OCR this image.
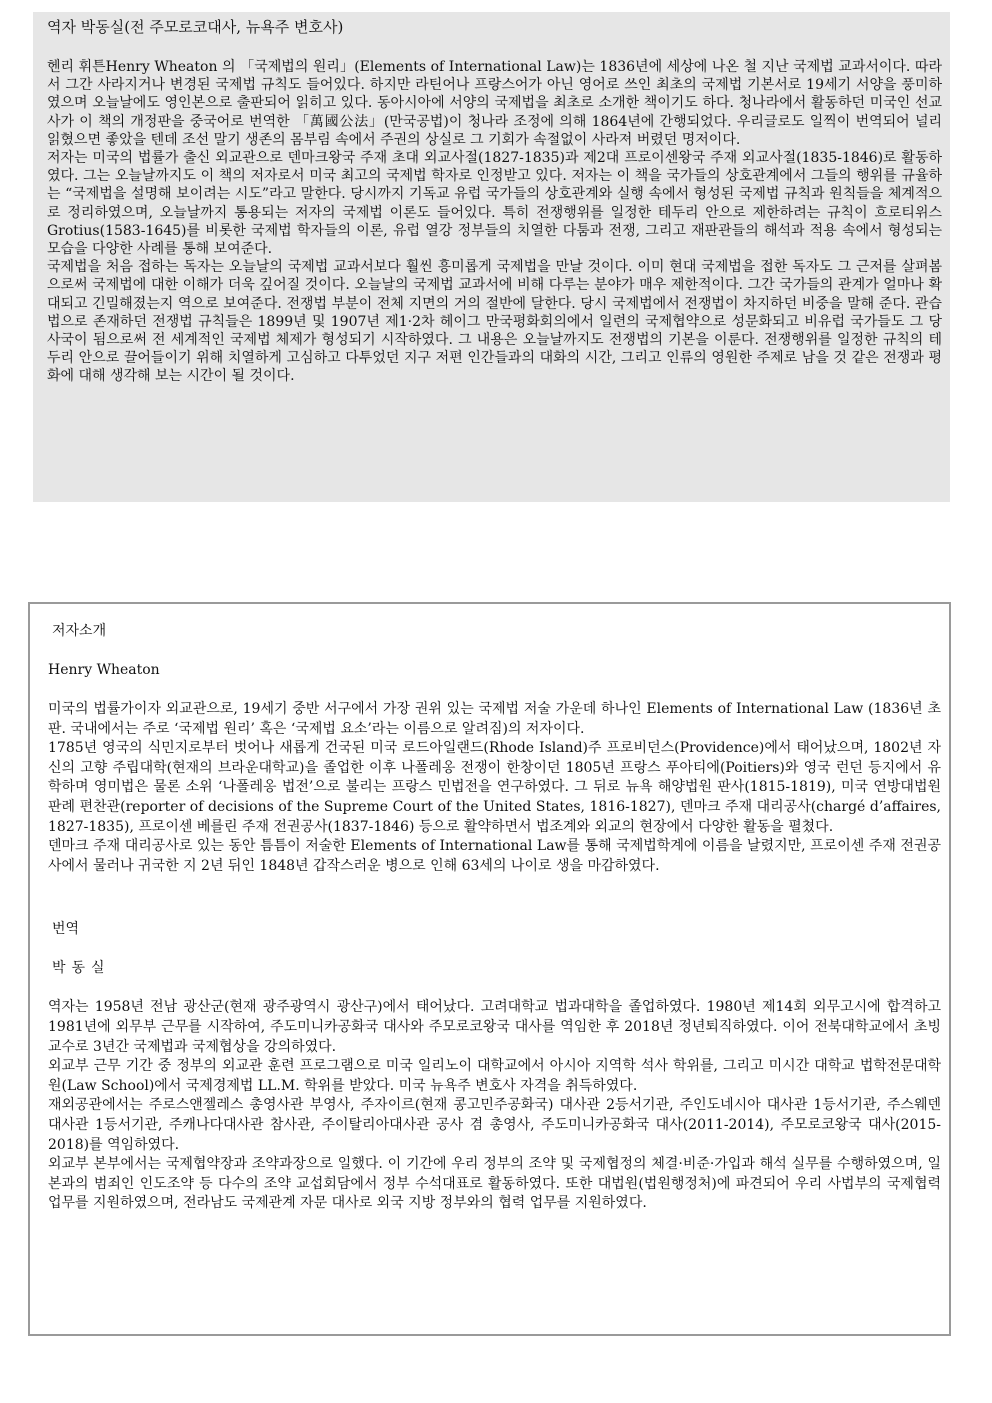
역자 박동실(전 주모로코대사, 뉴욕주 변호사)

헨리 휘튼Henry Wheaton 의 「국제법의 원리」(Elements of International Law)는 1836년에 세상에 나온 철 지난 국제법 교과서이다. 따라서 그간 사라지거나 변경된 국제법 규칙도 들어있다. 하지만 라틴어나 프랑스어가 아닌 영어로 쓰인 최초의 국제법 기본서로 19세기 서양을 풍미하였으며 오늘날에도 영인본으로 출판되어 읽히고 있다. 동아시아에 서양의 국제법을 최초로 소개한 책이기도 하다. 청나라에서 활동하던 미국인 선교사가 이 책의 개정판을 중국어로 번역한 「萬國公法」(만국공법)이 청나라 조정에 의해 1864년에 간행되었다. 우리글로도 일찍이 번역되어 널리 읽혔으면 좋았을 텐데 조선 말기 생존의 몸부림 속에서 주권의 상실로 그 기회가 속절없이 사라져 버렸던 명저이다.

저자는 미국의 법률가 출신 외교관으로 덴마크왕국 주재 초대 외교사절(1827-1835)과 제2대 프로이센왕국 주재 외교사절(1835-1846)로 활동하였다. 그는 오늘날까지도 이 책의 저자로서 미국 최고의 국제법 학자로 인정받고 있다. 저자는 이 책을 국가들의 상호관계에서 그들의 행위를 규율하는 “국제법을 설명해 보이려는 시도”라고 말한다. 당시까지 기독교 유럽 국가들의 상호관계와 실행 속에서 형성된 국제법 규칙과 원칙들을 체계적으로 정리하였으며, 오늘날까지 통용되는 저자의 국제법 이론도 들어있다. 특히 전쟁행위를 일정한 테두리 안으로 제한하려는 규칙이 흐로티위스 Grotius(1583-1645)를 비롯한 국제법 학자들의 이론, 유럽 열강 정부들의 치열한 다툼과 전쟁, 그리고 재판관들의 해석과 적용 속에서 형성되는 모습을 다양한 사례를 통해 보여준다.

국제법을 처음 접하는 독자는 오늘날의 국제법 교과서보다 훨씬 흥미롭게 국제법을 만날 것이다. 이미 현대 국제법을 접한 독자도 그 근저를 살펴봄으로써 국제법에 대한 이해가 더욱 깊어질 것이다. 오늘날의 국제법 교과서에 비해 다루는 분야가 매우 제한적이다. 그간 국가들의 관계가 얼마나 확대되고 긴밀해졌는지 역으로 보여준다. 전쟁법 부분이 전체 지면의 거의 절반에 달한다. 당시 국제법에서 전쟁법이 차지하던 비중을 말해 준다. 관습법으로 존재하던 전쟁법 규칙들은 1899년 및 1907년 제1·2차 헤이그 만국평화회의에서 일련의 국제협약으로 성문화되고 비유럽 국가들도 그 당사국이 됨으로써 전 세계적인 국제법 체제가 형성되기 시작하였다. 그 내용은 오늘날까지도 전쟁법의 기본을 이룬다. 전쟁행위를 일정한 규칙의 테두리 안으로 끌어들이기 위해 치열하게 고심하고 다투었던 지구 저편 인간들과의 대화의 시간, 그리고 인류의 영원한 주제로 남을 것 같은 전쟁과 평화에 대해 생각해 보는 시간이 될 것이다.

저자소개
Henry Wheaton

미국의 법률가이자 외교관으로, 19세기 중반 서구에서 가장 권위 있는 국제법 저술 가운데 하나인 Elements of International Law (1836년 초판. 국내에서는 주로 ‘국제법 원리’ 혹은 ‘국제법 요소’라는 이름으로 알려짐)의 저자이다.

1785년 영국의 식민지로부터 벗어나 새롭게 건국된 미국 로드아일랜드(Rhode Island)주 프로비던스(Providence)에서 태어났으며, 1802년 자신의 고향 주립대학(현재의 브라운대학교)을 졸업한 이후 나폴레옹 전쟁이 한창이던 1805년 프랑스 푸아티에(Poitiers)와 영국 런던 등지에서 유학하며 영미법은 물론 소위 ‘나폴레옹 법전’으로 불리는 프랑스 민법전을 연구하였다. 그 뒤로 뉴욕 해양법원 판사(1815-1819), 미국 연방대법원 판례 편찬관(reporter of decisions of the Supreme Court of the United States, 1816-1827), 덴마크 주재 대리공사(chargé d’affaires, 1827-1835), 프로이센 베를린 주재 전권공사(1837-1846) 등으로 활약하면서 법조계와 외교의 현장에서 다양한 활동을 펼쳤다.

덴마크 주재 대리공사로 있는 동안 틈틈이 저술한 Elements of International Law를 통해 국제법학계에 이름을 날렸지만, 프로이센 주재 전권공사에서 물러나 귀국한 지 2년 뒤인 1848년 갑작스러운 병으로 인해 63세의 나이로 생을 마감하였다.

번역
박동실

역자는 1958년 전남 광산군(현재 광주광역시 광산구)에서 태어났다. 고려대학교 법과대학을 졸업하였다. 1980년 제14회 외무고시에 합격하고 1981년에 외무부 근무를 시작하여, 주도미니카공화국 대사와 주모로코왕국 대사를 역임한 후 2018년 정년퇴직하였다. 이어 전북대학교에서 초빙교수로 3년간 국제법과 국제협상을 강의하였다.

외교부 근무 기간 중 정부의 외교관 훈련 프로그램으로 미국 일리노이 대학교에서 아시아 지역학 석사 학위를, 그리고 미시간 대학교 법학전문대학원(Law School)에서 국제경제법 LL.M. 학위를 받았다. 미국 뉴욕주 변호사 자격을 취득하였다.

재외공관에서는 주로스앤젤레스 총영사관 부영사, 주자이르(현재 콩고민주공화국) 대사관 2등서기관, 주인도네시아 대사관 1등서기관, 주스웨덴 대사관 1등서기관, 주캐나다대사관 참사관, 주이탈리아대사관 공사 겸 총영사, 주도미니카공화국 대사(2011-2014), 주모로코왕국 대사(2015-2018)를 역임하였다.

외교부 본부에서는 국제협약장과 조약과장으로 일했다. 이 기간에 우리 정부의 조약 및 국제협정의 체결·비준·가입과 해석 실무를 수행하였으며, 일본과의 범죄인 인도조약 등 다수의 조약 교섭회담에서 정부 수석대표로 활동하였다. 또한 대법원(법원행정처)에 파견되어 우리 사법부의 국제협력 업무를 지원하였으며, 전라남도 국제관계 자문 대사로 외국 지방 정부와의 협력 업무를 지원하였다.
